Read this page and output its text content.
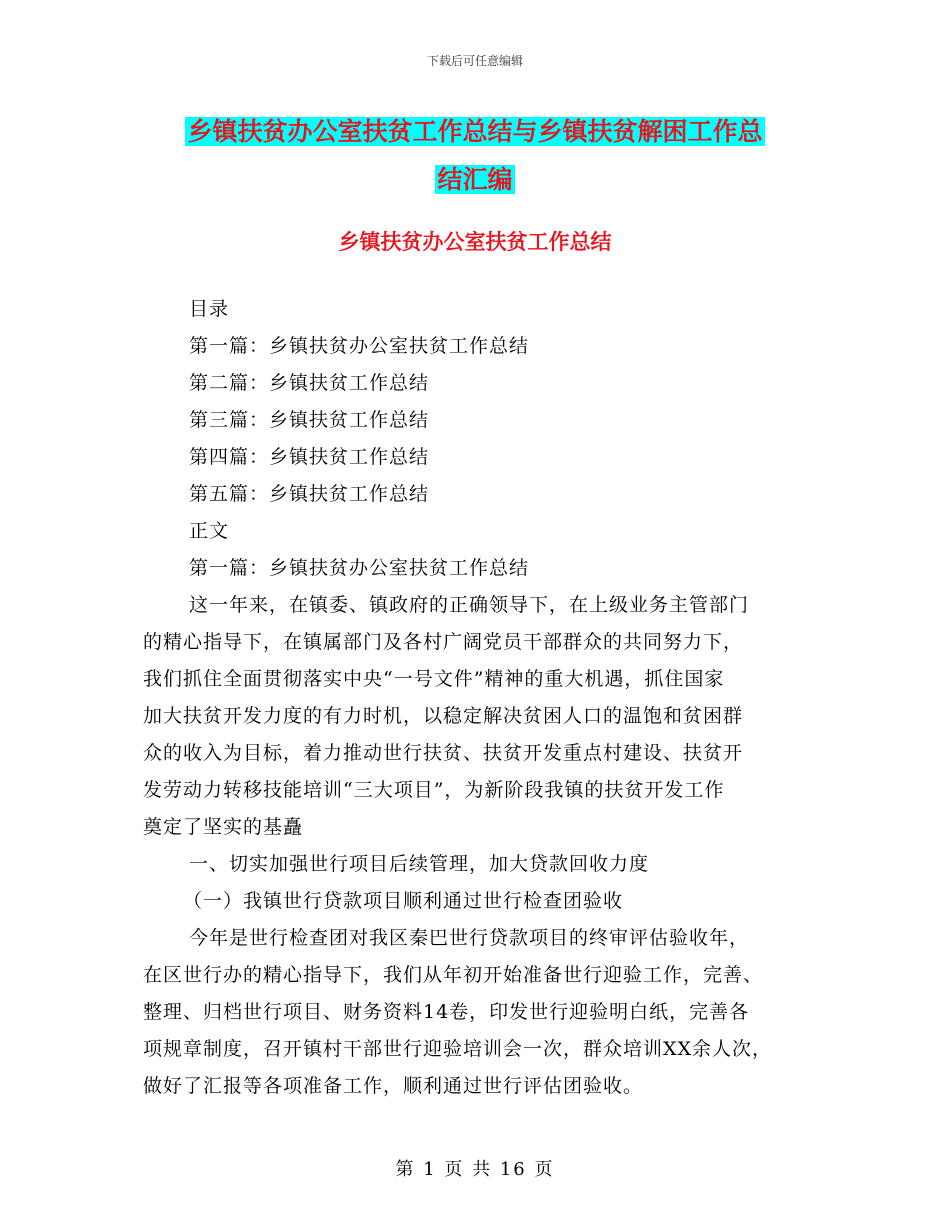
下载后可任意编辑
乡镇扶贫办公室扶贫工作总结与乡镇扶贫解困工作总
结汇编
乡镇扶贫办公室扶贫工作总结
目录
第一篇：乡镇扶贫办公室扶贫工作总结
第二篇：乡镇扶贫工作总结
第三篇：乡镇扶贫工作总结
第四篇：乡镇扶贫工作总结
第五篇：乡镇扶贫工作总结
正文
第一篇：乡镇扶贫办公室扶贫工作总结
这一年来，在镇委、镇政府的正确领导下，在上级业务主管部门
的精心指导下，在镇属部门及各村广阔党员干部群众的共同努力下，
我们抓住全面贯彻落实中央“一号文件”精神的重大机遇，抓住国家
加大扶贫开发力度的有力时机，以稳定解决贫困人口的温饱和贫困群
众的收入为目标，着力推动世行扶贫、扶贫开发重点村建设、扶贫开
发劳动力转移技能培训“三大项目”，为新阶段我镇的扶贫开发工作
奠定了坚实的基矗
一、切实加强世行项目后续管理，加大贷款回收力度
（一）我镇世行贷款项目顺利通过世行检查团验收
今年是世行检查团对我区秦巴世行贷款项目的终审评估验收年，
在区世行办的精心指导下，我们从年初开始准备世行迎验工作，完善、
整理、归档世行项目、财务资料14卷，印发世行迎验明白纸，完善各
项规章制度，召开镇村干部世行迎验培训会一次，群众培训XX余人次，
做好了汇报等各项准备工作，顺利通过世行评估团验收。
第 1 页 共 16 页
